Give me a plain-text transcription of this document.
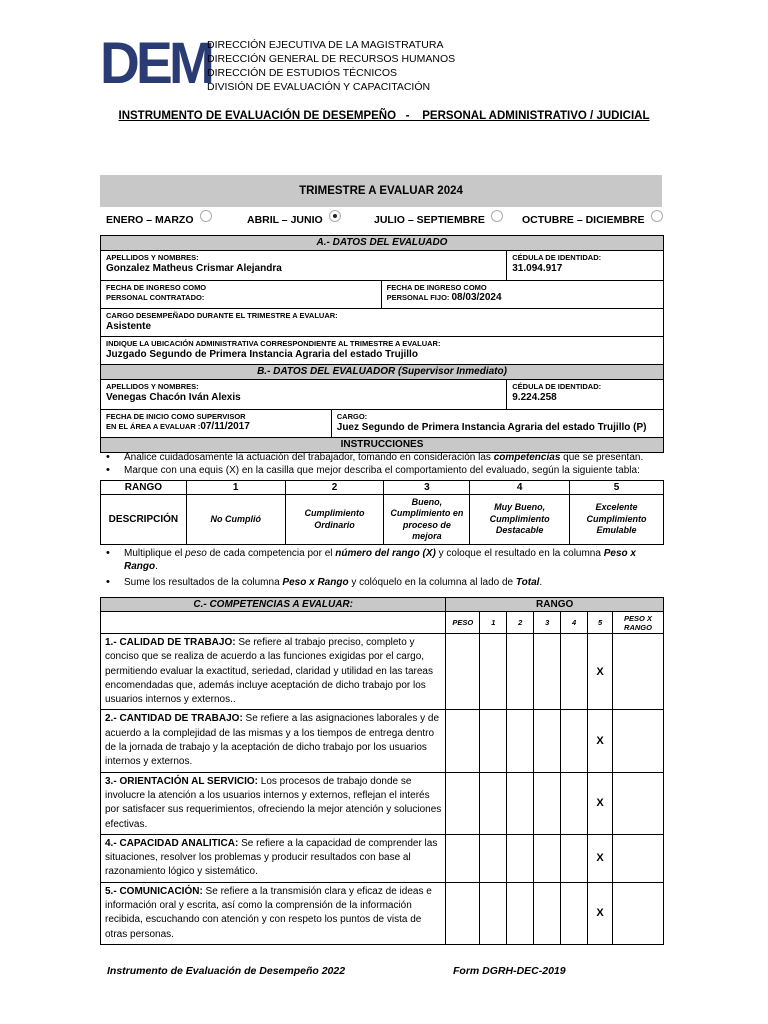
DEM
DIRECCIÓN EJECUTIVA DE LA MAGISTRATURA
DIRECCIÓN GENERAL DE RECURSOS HUMANOS
DIRECCIÓN DE ESTUDIOS TÉCNICOS
DIVISIÓN DE EVALUACIÓN Y CAPACITACIÓN
INSTRUMENTO DE EVALUACIÓN DE DESEMPEÑO   -    PERSONAL ADMINISTRATIVO / JUDICIAL
TRIMESTRE A EVALUAR 2024
ENERO – MARZO	ABRIL – JUNIO	JULIO – SEPTIEMBRE	OCTUBRE – DICIEMBRE
A.- DATOS DEL EVALUADO			

APELLIDOS Y NOMBRES:
Gonzalez Matheus Crismar Alejandra			CÉDULA DE IDENTIDAD:
31.094.917

FECHA DE INGRESO COMO
PERSONAL CONTRATADO:		FECHA DE INGRESO COMO
PERSONAL FIJO: 08/03/2024	

CARGO DESEMPEÑADO DURANTE EL TRIMESTRE A EVALUAR:
Asistente			

INDIQUE LA UBICACIÓN ADMINISTRATIVA CORRESPONDIENTE AL TRIMESTRE A EVALUAR:
Juzgado Segundo de Primera Instancia Agraria del estado Trujillo			

B.- DATOS DEL EVALUADOR (Supervisor Inmediato)			

APELLIDOS Y NOMBRES:
Venegas Chacón Iván Alexis			CÉDULA DE IDENTIDAD:
9.224.258

FECHA DE INICIO COMO SUPERVISOR
EN EL ÁREA A EVALUAR :07/11/2017	CARGO:
Juez Segundo de Primera Instancia Agraria del estado Trujillo (P)		

INSTRUCCIONES			
• Analice cuidadosamente la actuación del trabajador, tomando en consideración las competencias que se presentan.
• Marque con una equis (X) en la casilla que mejor describa el comportamiento del evaluado, según la siguiente tabla:
RANGO	1	2	3	4	5
DESCRIPCIÓN	No Cumplió	Cumplimiento Ordinario	Bueno, Cumplimiento en proceso de mejora	Muy Bueno, Cumplimiento Destacable	Excelente Cumplimiento Emulable
• Multiplique el peso de cada competencia por el número del rango (X) y coloque el resultado en la columna Peso x Rango.
• Sume los resultados de la columna Peso x Rango y colóquelo en la columna al lado de Total.
C.- COMPETENCIAS A EVALUAR:	RANGO						
	PESO	1	2	3	4	5	PESO X RANGO
1.- CALIDAD DE TRABAJO: Se refiere al trabajo preciso, completo y conciso que se realiza de acuerdo a las funciones exigidas por el cargo, permitiendo evaluar la exactitud, seriedad, claridad y utilidad en las tareas encomendadas que, además incluye aceptación de dicho trabajo por los usuarios internos y externos..						X	
2.- CANTIDAD DE TRABAJO: Se refiere a las asignaciones laborales y de acuerdo a la complejidad de las mismas y a los tiempos de entrega dentro de la jornada de trabajo y la aceptación de dicho trabajo por los usuarios internos y externos.						X	
3.- ORIENTACIÓN AL SERVICIO: Los procesos de trabajo donde se involucre la atención a los usuarios internos y externos, reflejan el interés por satisfacer sus requerimientos, ofreciendo la mejor atención y soluciones efectivas.						X	
4.- CAPACIDAD ANALITICA: Se refiere a la capacidad de comprender las situaciones, resolver los problemas y producir resultados con base al razonamiento lógico y sistemático.						X	
5.- COMUNICACIÓN: Se refiere a la transmisión clara y eficaz de ideas e información oral y escrita, así como la comprensión de la información recibida, escuchando con atención y con respeto los puntos de vista de otras personas.						X	
Instrumento de Evaluación de Desempeño 2022	Form DGRH-DEC-2019
